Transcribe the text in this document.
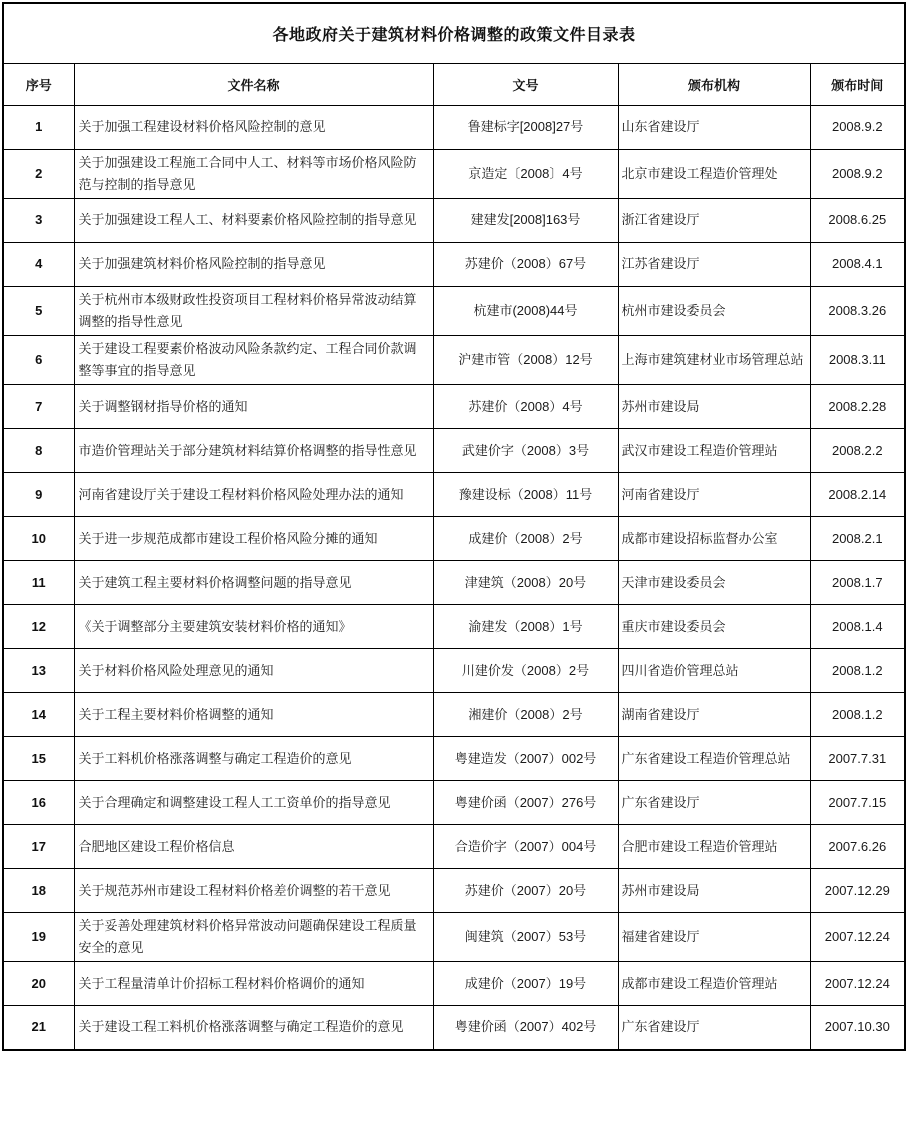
各地政府关于建筑材料价格调整的政策文件目录表				
序号	文件名称	文号	颁布机构	颁布时间
1	关于加强工程建设材料价格风险控制的意见	鲁建标字[2008]27号	山东省建设厅	2008.9.2
2	关于加强建设工程施工合同中人工、材料等市场价格风险防范与控制的指导意见	京造定〔2008〕4号	北京市建设工程造价管理处	2008.9.2
3	关于加强建设工程人工、材料要素价格风险控制的指导意见	建建发[2008]163号	浙江省建设厅	2008.6.25
4	关于加强建筑材料价格风险控制的指导意见	苏建价（2008）67号	江苏省建设厅	2008.4.1
5	关于杭州市本级财政性投资项目工程材料价格异常波动结算调整的指导性意见	杭建市(2008)44号	杭州市建设委员会	2008.3.26
6	关于建设工程要素价格波动风险条款约定、工程合同价款调整等事宜的指导意见	沪建市管（2008）12号	上海市建筑建材业市场管理总站	2008.3.11
7	关于调整钢材指导价格的通知	苏建价（2008）4号	苏州市建设局	2008.2.28
8	市造价管理站关于部分建筑材料结算价格调整的指导性意见	武建价字（2008）3号	武汉市建设工程造价管理站	2008.2.2
9	河南省建设厅关于建设工程材料价格风险处理办法的通知	豫建设标（2008）11号	河南省建设厅	2008.2.14
10	关于进一步规范成都市建设工程价格风险分摊的通知	成建价（2008）2号	成都市建设招标监督办公室	2008.2.1
11	关于建筑工程主要材料价格调整问题的指导意见	津建筑（2008）20号	天津市建设委员会	2008.1.7
12	《关于调整部分主要建筑安装材料价格的通知》	渝建发（2008）1号	重庆市建设委员会	2008.1.4
13	关于材料价格风险处理意见的通知	川建价发（2008）2号	四川省造价管理总站	2008.1.2
14	关于工程主要材料价格调整的通知	湘建价（2008）2号	湖南省建设厅	2008.1.2
15	关于工料机价格涨落调整与确定工程造价的意见	粤建造发（2007）002号	广东省建设工程造价管理总站	2007.7.31
16	关于合理确定和调整建设工程人工工资单价的指导意见	粤建价函（2007）276号	广东省建设厅	2007.7.15
17	合肥地区建设工程价格信息	合造价字（2007）004号	合肥市建设工程造价管理站	2007.6.26
18	关于规范苏州市建设工程材料价格差价调整的若干意见	苏建价（2007）20号	苏州市建设局	2007.12.29
19	关于妥善处理建筑材料价格异常波动问题确保建设工程质量安全的意见	闽建筑（2007）53号	福建省建设厅	2007.12.24
20	关于工程量清单计价招标工程材料价格调价的通知	成建价（2007）19号	成都市建设工程造价管理站	2007.12.24
21	关于建设工程工料机价格涨落调整与确定工程造价的意见	粤建价函（2007）402号	广东省建设厅	2007.10.30
